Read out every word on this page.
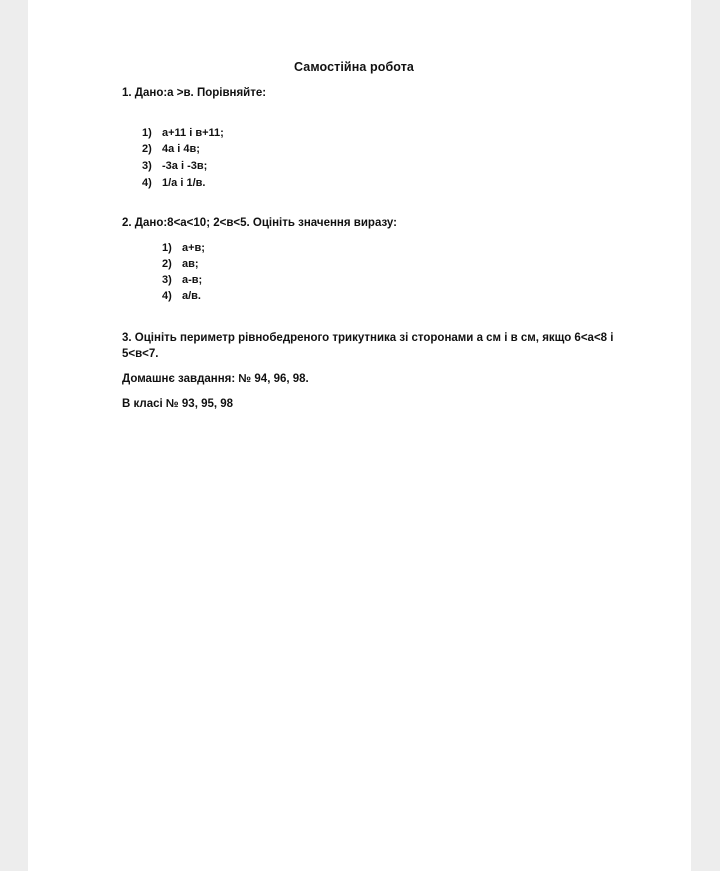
Самостійна робота
1. Дано:а >в. Порівняйте:
1) а+11 і в+11;
2) 4а і 4в;
3) -3а і -3в;
4) 1/а і 1/в.
2. Дано:8<а<10; 2<в<5. Оцініть значення виразу:
1) а+в;
2) ав;
3) а-в;
4) а/в.
3. Оцініть периметр рівнобедреного трикутника зі сторонами а см і в см, якщо 6<а<8 і
5<в<7.
Домашнє завдання: № 94, 96, 98.
В класі № 93, 95, 98
